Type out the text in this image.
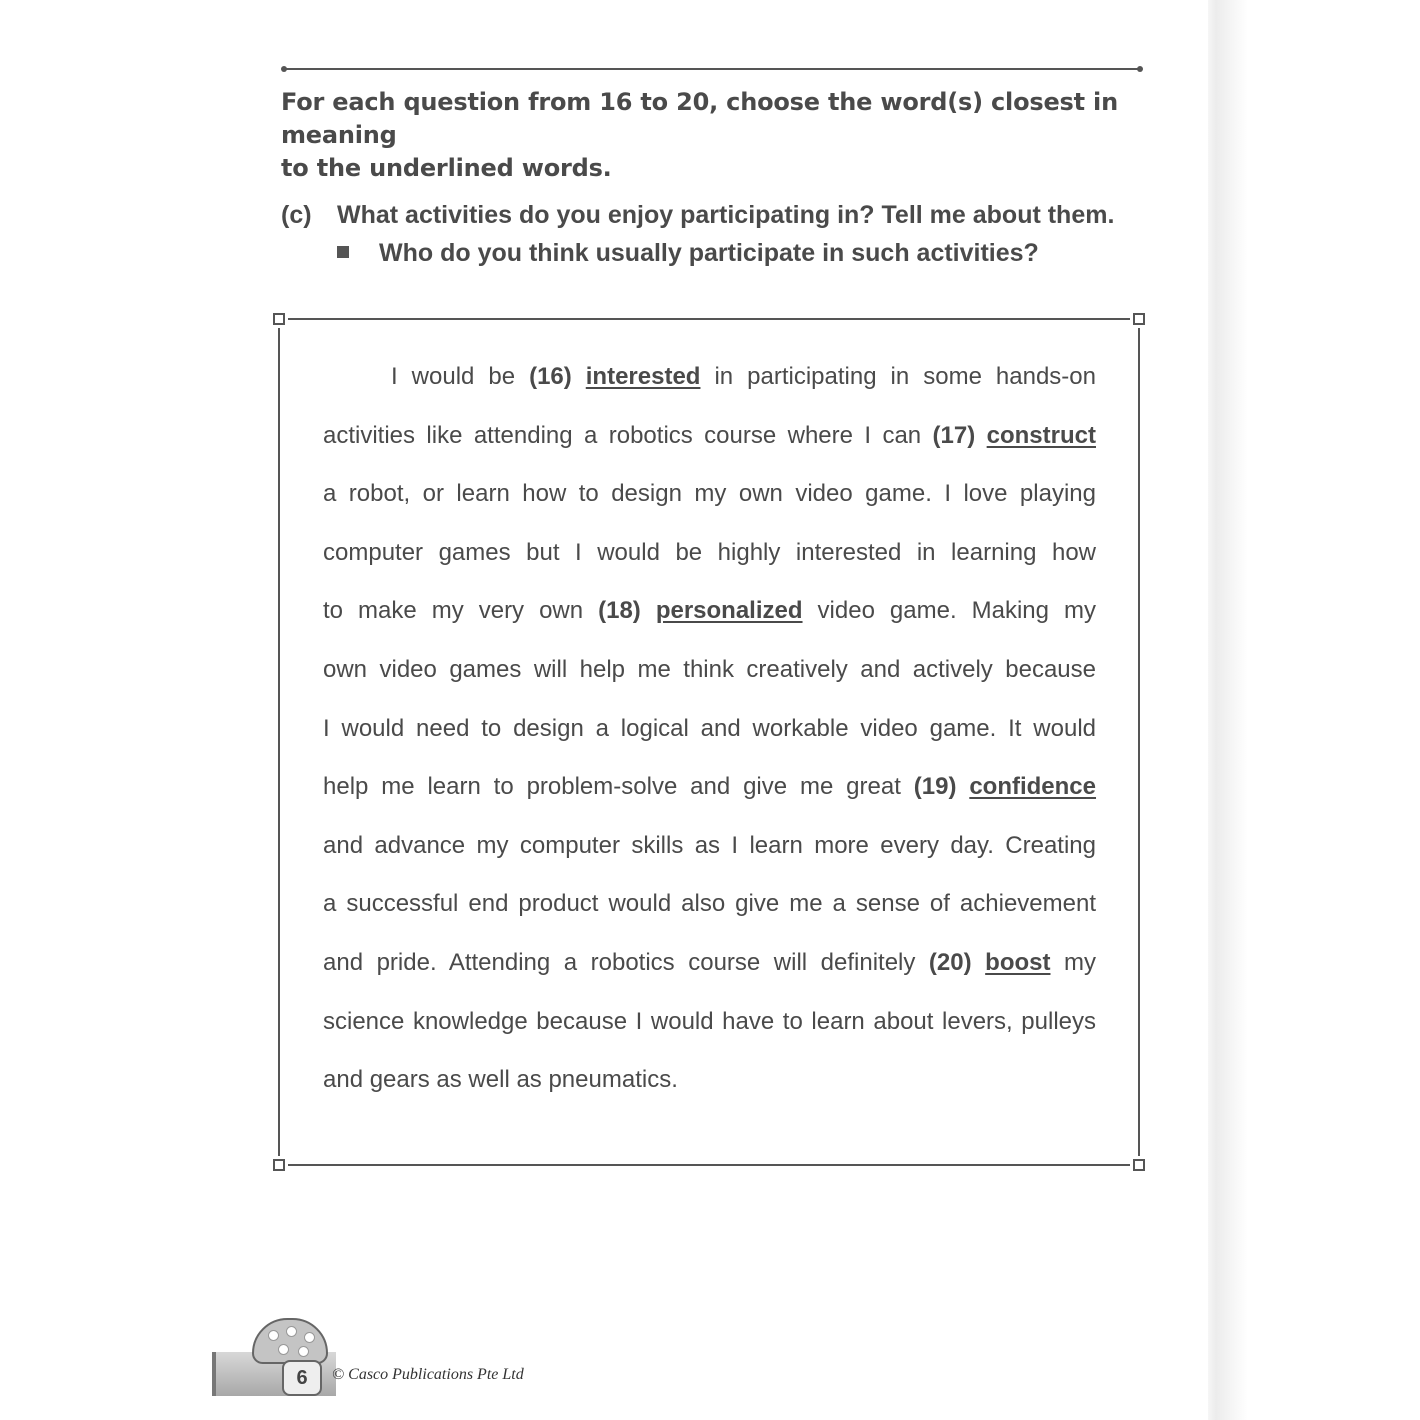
For each question from 16 to 20, choose the word(s) closest in meaning
to the underlined words.
(c) What activities do you enjoy participating in? Tell me about them.
Who do you think usually participate in such activities?
I would be (16) interested in participating in some hands-on
activities like attending a robotics course where I can (17) construct
a robot, or learn how to design my own video game. I love playing
computer games but I would be highly interested in learning how
to make my very own (18) personalized video game. Making my
own video games will help me think creatively and actively because
I would need to design a logical and workable video game. It would
help me learn to problem-solve and give me great (19) confidence
and advance my computer skills as I learn more every day. Creating
a successful end product would also give me a sense of achievement
and pride. Attending a robotics course will definitely (20) boost my
science knowledge because I would have to learn about levers, pulleys
and gears as well as pneumatics.
6	© Casco Publications Pte Ltd
